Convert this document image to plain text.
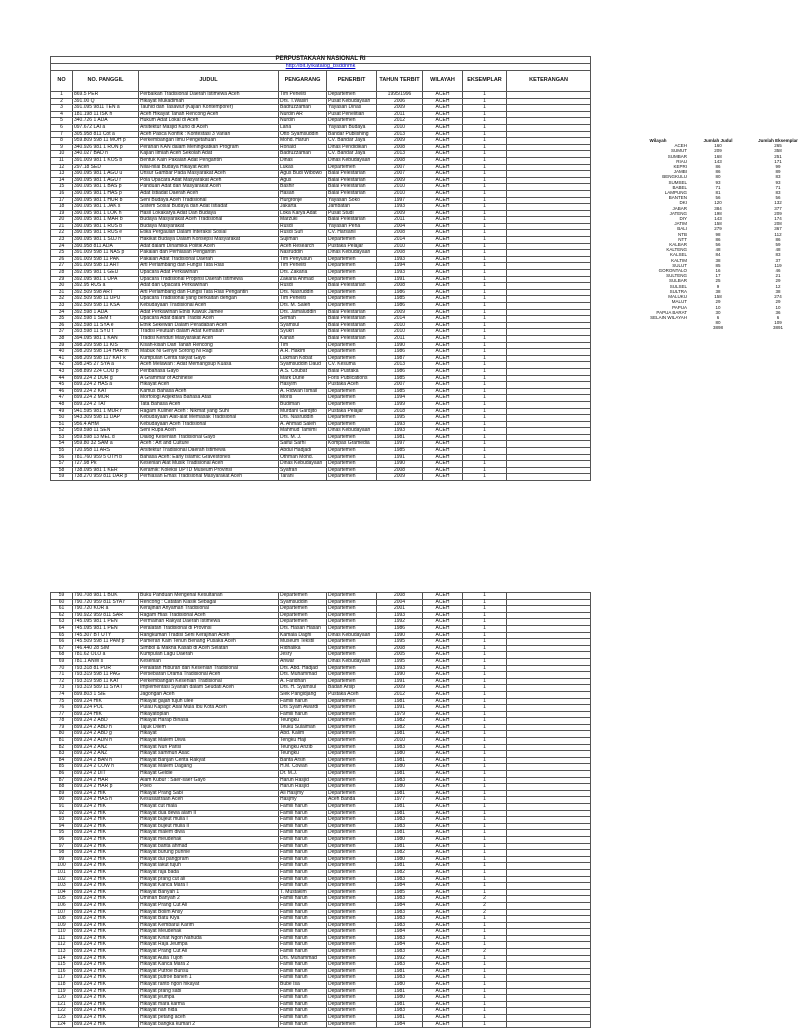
PERPUSTAKAAN NASIONAL RI								
http://bit.ly/katalog_bsddnmk								
NO	NO. PANGGIL	JUDUL	PENGARANG	PENERBIT	TAHUN TERBIT	WILAYAH	EKSEMPLAR	KETERANGAN
1	869.5 PER	Perbaikan Tradisional Daerah Istimewa Aceh	Tim Peneliti	Departemen	1995/1996	ACEH	1	
2	391.00 Q	Hikayat Mukadimah	Drs. T.Wasiri	Pusat Kebudayaan	2006	ACEH	1	
3	391.095 9811 TEN a	Tauhid dan Tasawuf (Kajian Kontemporer)	Badruzzaman	Yayasan Dinas	2009	ACEH	1	
4	181.198 11 ISK h	Aceh Hikayat Tanah Rencong Aceh	Nurdin AR	Pusat Penelitian	2011	ACEH	1	
5	340.726 1 ADA	Hukum Adat Lokal di Aceh	Nurdin	Departemen	2012	ACEH	1	
6	097.672 LAI a	Arsitektur Masjid Kuno di Aceh	Lana	Yayasan Budaya	2010	ACEH	1	
7	305.958 811 Cot a	Aceh Pasca Konflik : Kontestasi 3 Varian	Otto Syamsuddin	Bandar Publishing	2013	ACEH	1	
8	959.809 598 11 MOH p	Perkembangan Ilmu Pengetahuan	Mohd. Harun	CV. Bandar Jaya	2009	ACEH	1	
9	340.926 981 1 RON p	Peranan KAN dalam Meningkatkan Program	Ronald	Dinas Pendidikan	2008	ACEH	1	
10	340.027 BAD n	Kajian Ilmiah Aceh Sekolah Adat	Badruzzaman	CV. Bandar Jaya	2013	ACEH	1	
11	391.009 981 1 KOS b	Bentuk Kain Pakaian Adat Pengantin	Dinas	Dinas Kebudayaan	2008	ACEH	1	
12	297.18 SED	Nilai-nilai Budaya Hikayat Aceh	Lukas	Departemen	2007	ACEH	1	
13	390.095 981 1 AGU u	Unsur Gambar Pada Masyarakat Aceh	Agus Budi Wibowo	Balai Pelestarian	2007	ACEH	1	
14	390.095 981 1 AGU r	Pola Upacara Adat Masyarakat Aceh	Agus	Balai Pelestarian	2009	ACEH	1	
15	390.095 981 1 BAS p	Panduan Adat dan Masyarakat Aceh	Bashir	Balai Pelestarian	2010	ACEH	1	
16	390.095 981 1 HAS p	Adat Istiadat Daerah Aceh	Hasan	Balai Pelestarian	2010	ACEH	1	
17	390.095 981 1 HUR b	Seni Budaya Aceh Tradisional	Hurgronje	Yayasan Soko	1997	ACEH	1	
18	390.095 981 1 JAK s	Sistem Sosial Budaya dan Adat Istiadat	Jakarta	Jambatan	1993	ACEH	1	
19	390.095 981 1 LOK h	Hasil Lokakarya Adat Dan Budaya	Loka Karya Adat	Pusat Studi	2009	ACEH	1	
20	390.095 981 1 MAR b	Budaya Masyarakat Aceh Tradisional	Marzuki	Balai Pelestarian	2011	ACEH	1	
21	390.095 981 1 RUS b	Budaya Masyarakat	Rusdi	Yayasan Pena	2004	ACEH	1	
22	390.095 981 1 RUS e	Etika Pergaulan Dalam Interaksi Sosial	Rusdi Sufi	CV. Harsanil	2008	ACEH	1	
23	390.095 981 1 SUJ h	Hakikat Budaya Dalam Konsepsi Masyarakat	Sujiman	Departemen	2014	ACEH	1	
24	390.958 811 ADA	Adat dalam Dinamika Politik Aceh	Aceh Research	Pustaka Pelajar	2010	ACEH	1	
25	391.009 598 11 NAS p	Pakaian dan Perhiasan Pengantin	Nasruddin	Dinas Kebudayaan	2008	ACEH	1	
26	391.009 598 11 PAK	Pakaian Adat Tradisional Daerah	Tim Penyusun	Departemen	1993	ACEH	1	
27	391.009 598 11 ART	Arti Perlambang dan Fungsi Tata Rias	Tim Peneliti	Departemen	1994	ACEH	1	
28	392.095 981 1 GEU	Upacara Adat Perkawinan	Drs. Zakaria	Departemen	1993	ACEH	1	
29	392.095 981 1 UPA	Upacara Tradisional Propinsi Daerah Istimewa	Zakaria Ahmad	Departemen	1991	ACEH	1	
30	392.95 RUS a	Adat dan Upacara Perkawinan	Rusdi	Balai Pelestarian	2008	ACEH	1	
31	392.509 598 ART	Arti Perlambang dan Fungsi Tata Rias Pengantin	Drs. Nasruddin	Departemen	1986	ACEH	1	
32	392.509 598 11 UPU	Upacara Tradisional yang berkaitan dengan	Tim Peneliti	Departemen	1985	ACEH	1	
33	392.509 598 11 KSA	Kebudayaan Tradisional Aceh	Drs. M. Saleh	Departemen	1986	ACEH	1	
34	392.598 1 ADA	Adat Perkawinan Etnis Kawuk Jamee	Drs. Jamaluddin	Balai Pelestarian	2009	ACEH	1	
35	392.598 1 SEM t	Upacara Adat dalam Tradisi Aceh	Semah	Balai Pelestarian	2014	ACEH	1	
36	392.598 11 SYA e	Etnik Sekewan Dalam Peradaban Aceh	Syamsul	Balai Pelestarian	2010	ACEH	1	
37	393.598 11 SYU t	Tradisi Peutuah dalam Adat Kematian	Syukri	Balai Pelestarian	2010	ACEH	1	
38	394.095 981 1 KAN	Tradisi Kenduri Masyarakat Aceh	Kanan	Balai Pelestarian	2011	ACEH	1	
39	398.209 598 11 KIS	Kisah-kisah Dari Tanah Rencong	Tim	Departemen	1990	ACEH	1	
40	398.209 598 114 HAR m	Mabuk Ni Genye Sorong Ni Ragi	A.R. Hakim	Departemen	1986	ACEH	1	
41	398.209 598 117 KAT k	Kumpulan Cerita rakyat Gayo	Lukman Kobat	Departemen	1987	ACEH	1	
42	398.245 27 SYA a	Aceh Melawan : Adat Memangsup Kuasa	Syamsuddin Daud	CV. Kesuma	2013	ACEH	1	
43	398.899 224 COU p	Peribahasa Gayo	A.S. Coubat	Balai Pustaka	1986	ACEH	1	
44	899.224 2 DUR g	A Grammar of Achinese	Mark Durie	Foris Publications	1985	ACEH	1	
45	899.224 2 HAS a	Hikayat Aceh	Hasyim	Pustaka Aceh	2007	ACEH	1	
46	899.224 2 KAT	Kamus Bahasa Aceh	A. Ridwan Ismail	Departemen	1985	ACEH	1	
47	899.224 2 MOR	Morfologi Adjektiva Bahasa Atas	Moris	Departemen	1994	ACEH	1	
48	899.224 2 TAT	Tata Bahasa Aceh	Budiman	Departemen	1999	ACEH	1	
49	941.595 981 1 MUR r	Ragam Kuliner Aceh : Nikmat yang Suhi	Murdani Gardjito	Pustaka Pelajar	2018	ACEH	1	
50	943.309 598 11 DAP	Kebudayaan Alat-alat Memasak Tradisional	Drs. Nasruddin	Departemen	1995	ACEH	1	
51	956.4 AHM	Kebudayaan Aceh Tradisional	A. Ahmad Saleh	Departemen	1993	ACEH	1	
52	959.598 11 SEN	Seni Rupa Aceh	Mahmud Tamimi	Dinas Kebudayaan	1993	ACEH	1	
53	959.598 13 MEL d	Dialog Kesenian Tradisional Gayo	Drs. M. J.	Departemen	1981	ACEH	1	
54	959.80 32 SAM a	Aceh : Art and Culture	Saiful Sarhi	Kompas Gramedia	1997	ACEH	1	
55	720.958 11 ARS	Arsitektur Tradisional Daerah Istimewa	Abdul Hadjadi	Departemen	1985	ACEH	1	
56	781.760 959 5 OTH b	Bahasa Aceh: Early Islamic Gravestones	Othman Mohd.	Departemen	1991	ACEH	1	
57	727.98 Pk	Kesenian Alat Musik Tradisional Aceh	Dinas Kebudayaan	Departemen	1990	ACEH	1	
58	738.095 981 1 KER	Keramik: Koleksi UPTD Museum Provinsi	Syafran	Departemen	2008	ACEH	1	
59	738.270 959 811 DAR p	Perhiasan Emas Tradisional Masyarakat Aceh	Tarani	Departemen	2009	ACEH	1	
Wilayah	Jumlah Judul	Jumlah Eksemplar
ACEH	160	265
SUMUT	209	358
SUMBAR	168	251
RIAU	143	171
KEPRI	86	99
JAMBI	86	89
BENGKULU	80	83
SUMSEL	93	93
BABEL	71	71
LAMPUNG	81	83
BANTEN	56	56
DKI	120	132
JABAR	384	377
JATENG	198	209
DIY	143	174
JATIM	158	208
BALI	279	367
NTB	98	112
NTT	86	86
KALBAR	56	59
KALTENG	48	48
KALSEL	84	83
KALTIM	38	37
SULUT	85	119
GORONTALO	16	46
SULTENG	17	21
SULBAR	25	29
SULSEL	9	12
SULTRA	38	38
MALUKU	158	274
MALUT	29	29
PAPUA	10	10
PAPUA BARAT	30	36
SELAIN WILAYAH	6	6
	80	109
	3898	3891
59	790.708 981 1 BUK	Buku Panduan Mengenal Kesultanan	Departemen	Departemen	2008	ACEH	1	
60	790.720 959 811 SYA r	Rencong : Catatan Klasik Sebagai	Syamsuddin	Departemen	2004	ACEH	1	
61	790.720 KOR a	Kerajinan Anyaman Tradisional	Departemen	Departemen	2001	ACEH	1	
62	790.922 959 811 SAR	Ragam Hias Tradisional Aceh	Departemen	Departemen	1993	ACEH	1	
63	745.095 981 1 PEN	Permainan Rakyat Daerah Istimewa	Departemen	Departemen	1992	ACEH	1	
64	745.095 981 1 PEN	Peralatan Tradisional di Provinsi	Drs. Hasan Hasan	Departemen	1986	ACEH	1	
65	745.307 BT UTY	Rangkuman Tradisi Seni Kerajinan Aceh	Kamala Daghi	Dinas Kebudayaan	1990	ACEH	1	
66	745.509 598 11 PAM p	Pameran Kain Tenun Benang Pusaka Aceh	Museum Tekstil	Departemen	1995	ACEH	1	
67	746.440 28 SIM	Simbol & Makna Kasab di Aceh Selatan	Ridhalika	Departemen	2008	ACEH	1	
68	781.62 OLO a	Kumpulan Lagu Daerah	Jesry	Departemen	2005	ACEH	1	
69	781.1 ANW s	Kesenian	Anwar	Dinas Kebudayaan	1995	ACEH	1	
70	793.318 81 PUR	Peralatan Hiburan dan Kesenian Tradisional	Drs. Abd. Hadjad	Departemen	1993	ACEH	1	
71	793.319 598 11 PAG	Persebaran Drama Tradisional Aceh	Drs. Muhammad	Departemen	1990	ACEH	1	
72	793.319 598 11 KAT	Perkembangan Kesenian Tradisional	A. Faridhan	Departemen	1991	ACEH	1	
73	793.319 589 11 SYA I	Implementasi Syariah dalam Seudati Aceh	Drs. H. Syamsul	Badan Arsip	2009	ACEH	1	
74	899.803 1 SIE	Jagongan Aceh	Siek Pangidjang	Pustaka Aceh	2012	ACEH	1	
75	899.224 HIK	Hikayat gajah tujuh ulee	Famili harun	Departemen	1981	ACEH	1	
76	899.224 POL	Pulau Kapagi: Asal Mula Ibu Kota Aceh	Drs Syam Awardi	Departemen	1991	ACEH	1	
77	899.224 HIK	Hikayatoplan	Famili harun	Departemen	1979	ACEH	1	
78	899.224 2 ABD	Hikayat Harap Binasa	Teungku	Departemen	1982	ACEH	1	
79	899.224 2 ABD h	Tajuk Dilem	Teuku Sulaiman	Departemen	1982	ACEH	1	
80	899.224 2 ABD g	Hikayat	Abd. Kalim	Departemen	1981	ACEH	1	
81	899.224 2 ADN h	Hikayat Malem Diwa	Tengku Haji	Departemen	2010	ACEH	1	
82	899.224 2 ANZ	Hikayat Nun Parisi	Teungku Anzib	Departemen	1983	ACEH	1	
83	899.224 2 ANZ	Hikayat sammun Asac	Teungku	Departemen	1980	ACEH	1	
84	899.224 2 BAN h	Hikayat Banjan Cerita Rakyat	Banta Arsin	Departemen	1981	ACEH	1	
85	899.224 2 COW h	Hikayat Malem Dagang	H.M. Cowan	Departemen	1980	ACEH	1	
86	899.224 2 DIT	Hikayat Geldie	Dr. M.J.	Departemen	1981	ACEH	1	
87	899.224 2 HAR	Alam Kubur : Saer-saer Gayo	Harun Rasjid	Departemen	1983	ACEH	1	
88	899.224 2 HAR p	Poeo	Harun Rasjid	Departemen	1980	ACEH	1	
89	899.224 2 HIK	Hikayat Prang Sabi	Ali Hasjmy	Departemen	1981	ACEH	1	
90	899.224 2 HAS h	Kesusastraan Aceh	Hasjmy	Aceh Banda	1977	ACEH	1	
91	899.224 2 HIK	Hikayat cut mala	Famili harun	Departemen	1981	ACEH	1	
92	899.224 2 HIK	Hikayat dua dewa alam II	Famili harun	Departemen	1981	ACEH	1	
93	899.224 2 HIK	Hikayat bujeut mulia I	Famili harun	Departemen	1983	ACEH	1	
94	899.224 2 HIK	Hikayat bujeut mulia II	Famili harun	Departemen	1983	ACEH	1	
95	899.224 2 HIK	Hikayat malem diwa	Famili harun	Departemen	1981	ACEH	1	
96	899.224 2 HIK	Hikayat meudehak	Famili harun	Departemen	1980	ACEH	1	
97	899.224 2 HIK	Hikayat banta ahmad	Famili harun	Departemen	1981	ACEH	1	
98	899.224 2 HIK	Hikayat burung punnie	Famili harun	Departemen	1982	ACEH	1	
99	899.224 2 HIK	Hikayat dui pangpram	Famili harun	Departemen	1980	ACEH	1	
100	899.224 2 HIK	Hikayat lakut tujuh	Famili harun	Departemen	1981	ACEH	1	
101	899.224 2 HIK	Hikayat raja bada	Famili harun	Departemen	1982	ACEH	1	
102	899.224 2 HIK	Hikayat prang cut ali	Famili harun	Departemen	1983	ACEH	1	
103	899.224 2 HIK	Hikayat Kanca Mara I	Famili harun	Departemen	1984	ACEH	1	
104	899.224 2 HIK	Hikayat Banyah 1	T. Mustakim	Departemen	1985	ACEH	1	
105	899.224 2 HIK	Uminan Banyah 2	Famili harun	Departemen	1983	ACEH	2	
106	899.224 2 HIK	Hikayat Prang Cut Ali	Famili harun	Departemen	1984	ACEH	2	
107	899.224 2 HIK	Hikayat Bolim Ansy	Famili harun	Departemen	1983	ACEH	2	
108	899.224 2 HIK	Hikayat Batu Kiya	Famili harun	Departemen	1983	ACEH	1	
109	899.224 2 HIK	Hikayat Kembarul Karim	Famili harun	Departemen	1983	ACEH	1	
110	899.224 2 HIK	Hikayat Meudehak	Famili harun	Departemen	1984	ACEH	1	
111	899.224 2 HIK	Hikayat Kiriat Ngon Nahuda	Famili harun	Departemen	1983	ACEH	1	
112	899.224 2 HIK	Hikayat Raja Jeumpa	Famili harun	Departemen	1984	ACEH	1	
113	899.224 2 HIK	Hikayat Prang Cut Ali	Famili harun	Departemen	1983	ACEH	2	
114	899.224 2 HIK	Hikayat Aulia Tujoh	Drs. Muhammad	Departemen	1992	ACEH	1	
115	899.224 2 HIK	Hikayat Kanca Mara 2	Famili harun	Departemen	1983	ACEH	1	
116	899.224 2 HIK	Hikayat Putroe Bunsu	Famili harun	Departemen	1981	ACEH	1	
117	899.224 2 HIK	Hikayat putroe banen 1	Famili harun	Departemen	1983	ACEH	1	
118	899.224 2 HIK	Hikayat ranto ngon hikayat	Bube Isa	Departemen	1980	ACEH	1	
119	899.224 2 HIK	Hikayat prang sabi	Famili harun	Departemen	1981	ACEH	1	
120	899.224 2 HIK	Hikayat jeumpa	Famili harun	Departemen	1980	ACEH	1	
121	899.224 2 HIK	Hikayat mara karma	Famili harun	Departemen	1981	ACEH	1	
122	899.224 2 HIK	Hikayat nan nida	Famili harun	Departemen	1983	ACEH	1	
123	899.224 2 HIK	Hikayat petang aceh	Famili harun	Departemen	1981	ACEH	1	
124	899.224 2 HIK	Hikayat bangka kumari 2	Famili harun	Departemen	1984	ACEH	1	
